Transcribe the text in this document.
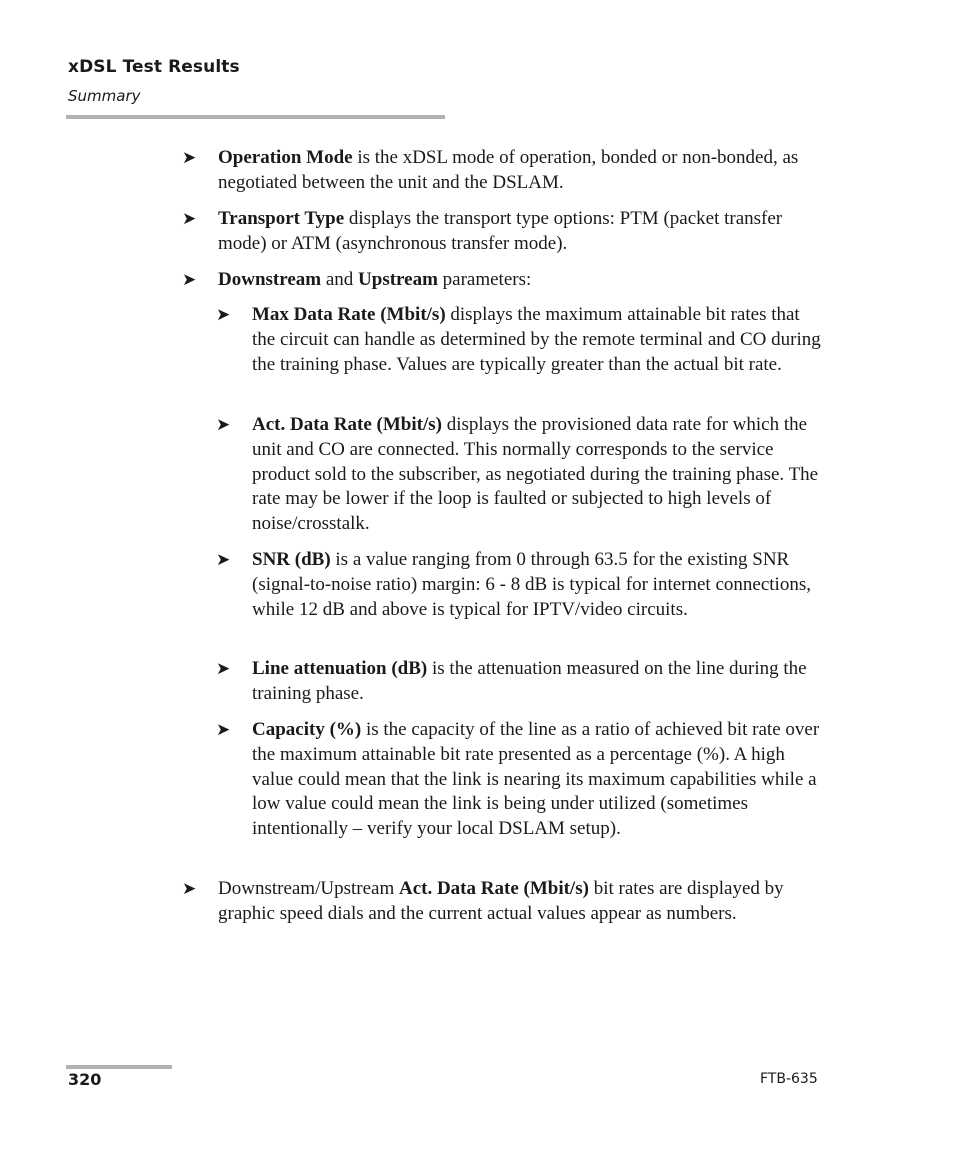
xDSL Test Results
Summary
➤ Operation Mode is the xDSL mode of operation, bonded or non-bonded, as negotiated between the unit and the DSLAM.
➤ Transport Type displays the transport type options: PTM (packet transfer mode) or ATM (asynchronous transfer mode).
➤ Downstream and Upstream parameters:
➤ Max Data Rate (Mbit/s) displays the maximum attainable bit rates that the circuit can handle as determined by the remote terminal and CO during the training phase. Values are typically greater than the actual bit rate.
➤ Act. Data Rate (Mbit/s) displays the provisioned data rate for which the unit and CO are connected. This normally corresponds to the service product sold to the subscriber, as negotiated during the training phase. The rate may be lower if the loop is faulted or subjected to high levels of noise/crosstalk.
➤ SNR (dB) is a value ranging from 0 through 63.5 for the existing SNR (signal-to-noise ratio) margin: 6 - 8 dB is typical for internet connections, while 12 dB and above is typical for IPTV/video circuits.
➤ Line attenuation (dB) is the attenuation measured on the line during the training phase.
➤ Capacity (%) is the capacity of the line as a ratio of achieved bit rate over the maximum attainable bit rate presented as a percentage (%). A high value could mean that the link is nearing its maximum capabilities while a low value could mean the link is being under utilized (sometimes intentionally – verify your local DSLAM setup).
➤ Downstream/Upstream Act. Data Rate (Mbit/s) bit rates are displayed by graphic speed dials and the current actual values appear as numbers.
320	FTB-635
